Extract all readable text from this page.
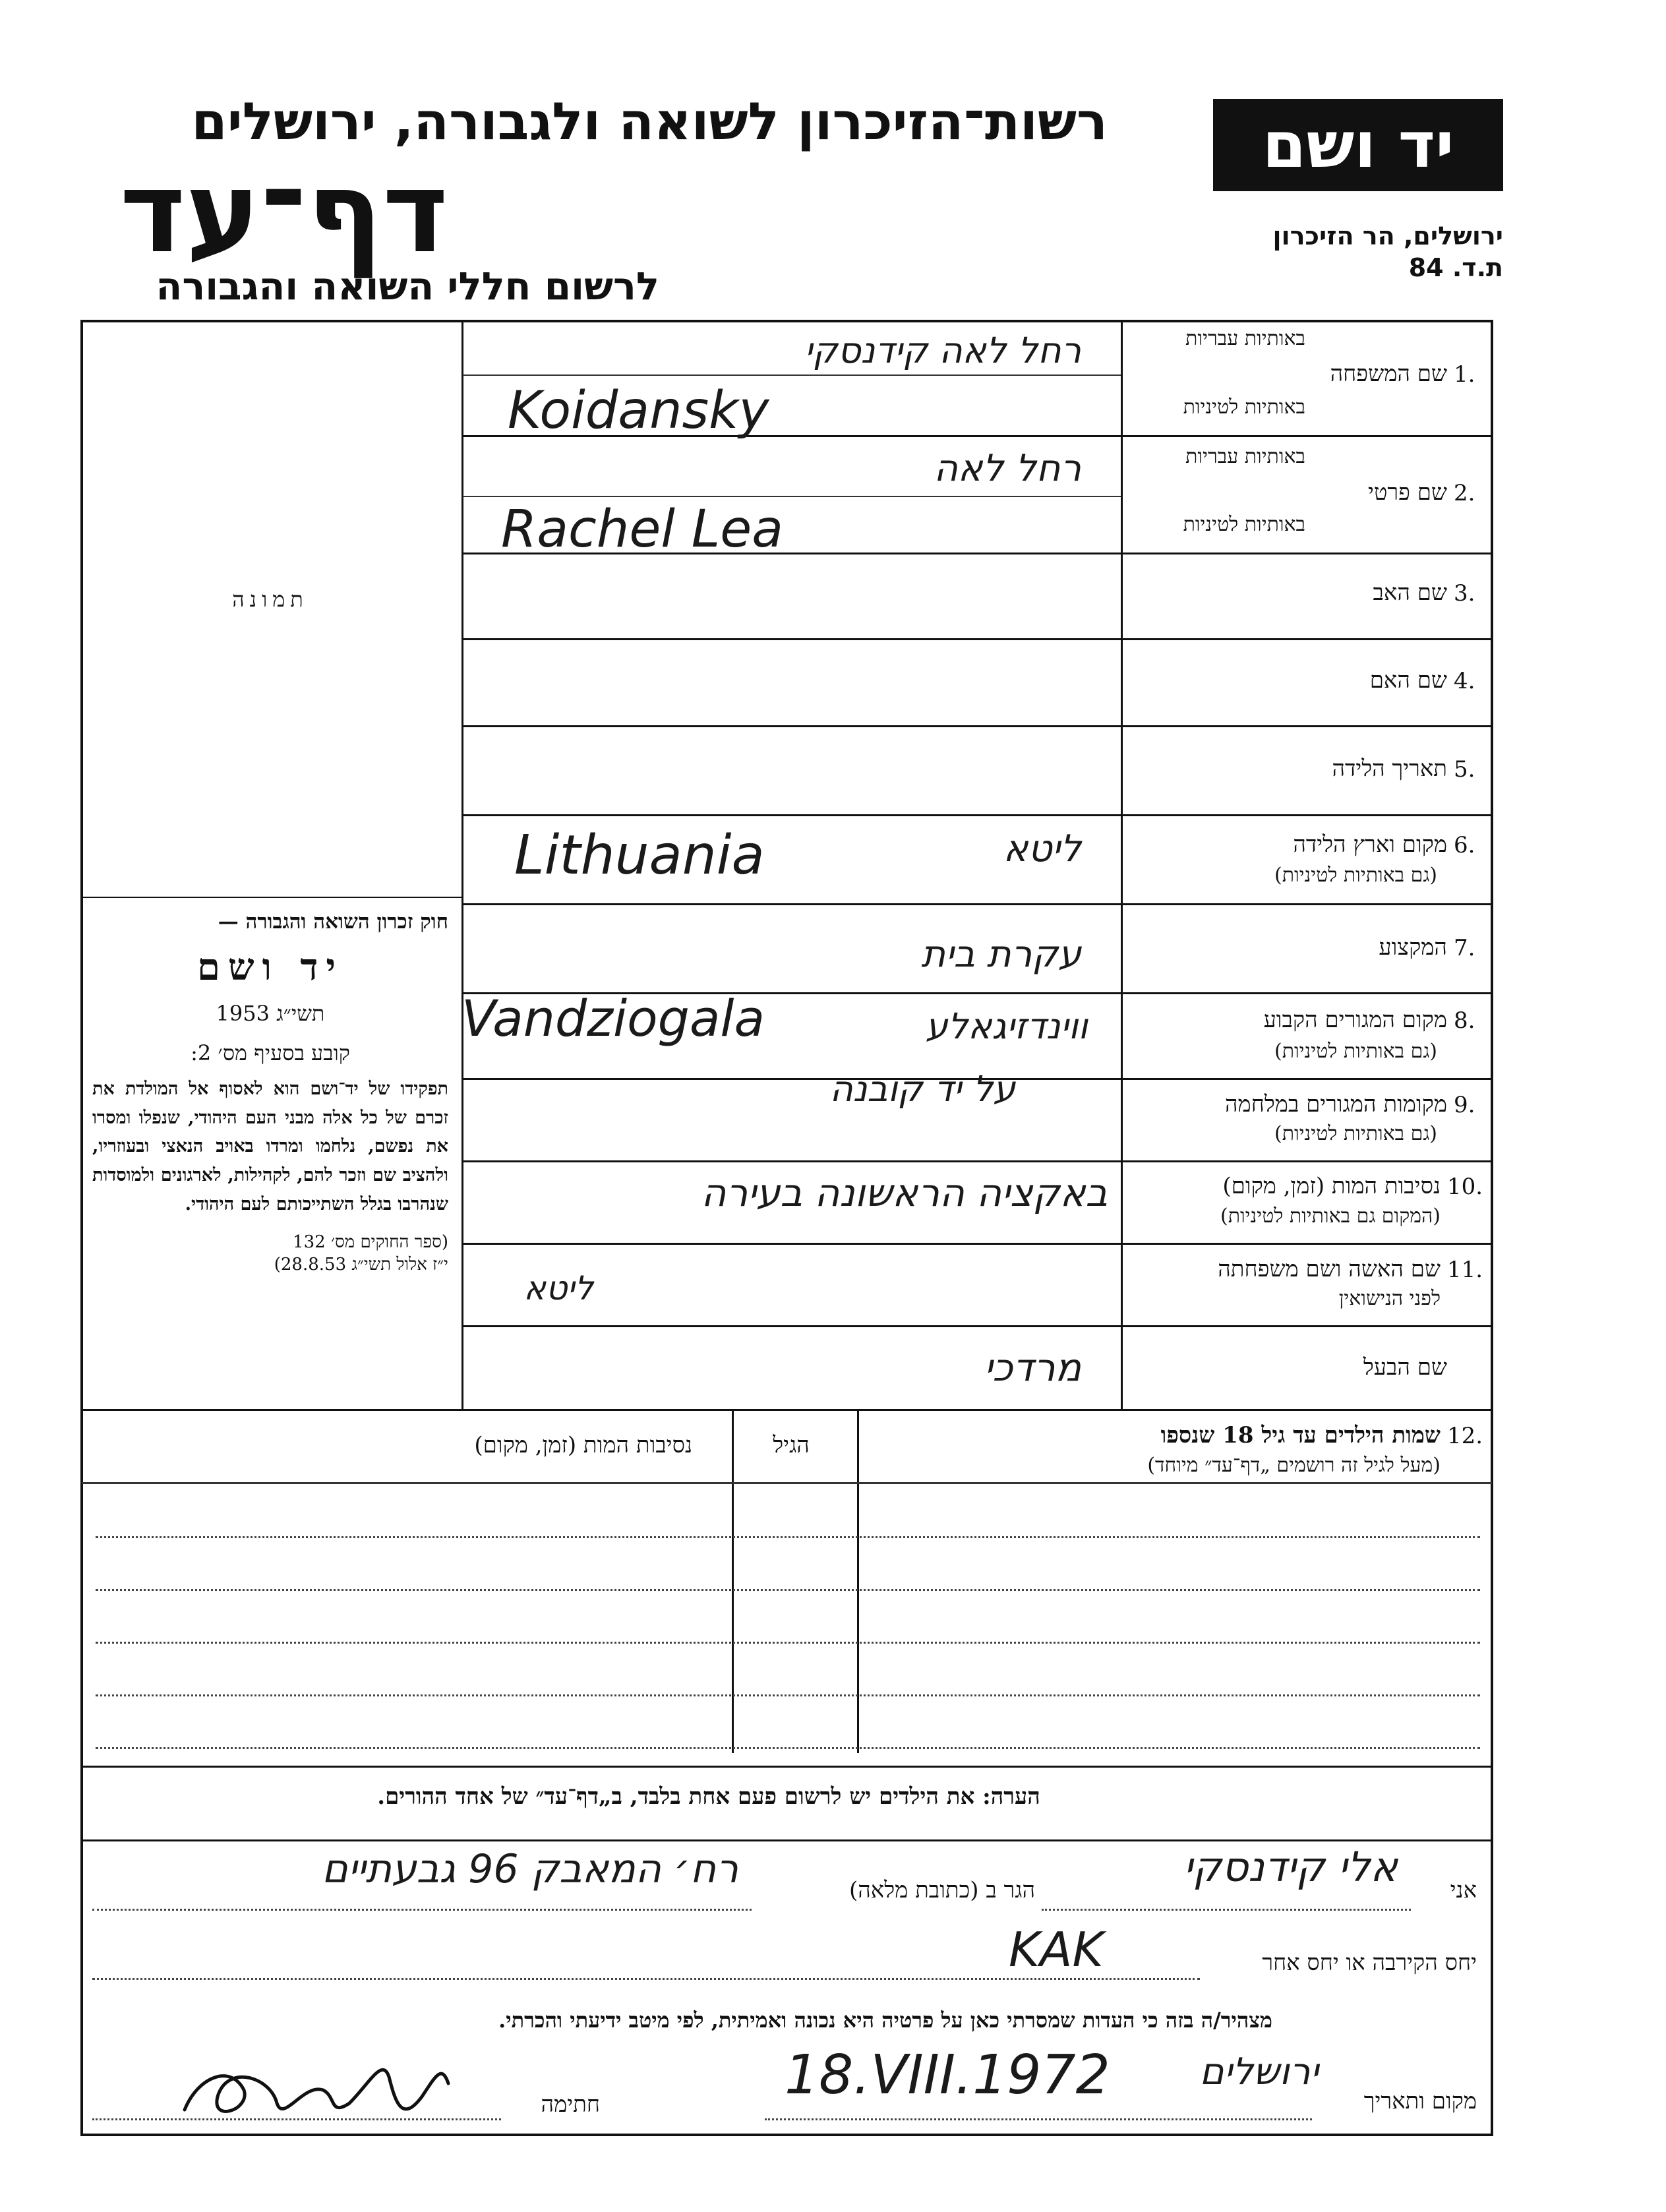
רשות־הזיכרון לשואה ולגבורה, ירושלים
דף־עד
לרשום חללי השואה והגבורה
יד ושם
ירושלים, הר הזיכרון
ת.ד. 84
תמונה
חוק זכרון השואה והגבורה —
יד ושם
תשי״ג 1953
קובע בסעיף מס׳ 2:
תפקידו של יד־ושם הוא לאסוף אל המולדת את זכרם של כל אלה מבני העם היהודי, שנפלו ומסרו את נפשם, נלחמו ומרדו באויב הנאצי ובעוזריו, ולהציב שם וזכר להם, לקהילות, לארגונים ולמוסדות שנהרבו בגלל השתייכותם לעם היהודי.
(ספר החוקים מס׳ 132
י״ז אלול תשי״ג 28.8.53)
באותיות עבריות
1.
שם המשפחה
באותיות לטיניות
באותיות עבריות
2.
שם פרטי
באותיות לטיניות
3.
שם האב
4.
שם האם
5.
תאריך הלידה
6.
מקום וארץ הלידה
(גם באותיות לטיניות)
7.
המקצוע
8.
מקום המגורים הקבוע
(גם באותיות לטיניות)
9.
מקומות המגורים במלחמה
(גם באותיות לטיניות)
10.
נסיבות המות (זמן, מקום)
(המקום גם באותיות לטיניות)
11.
שם האשה ושם משפחתה
לפני הנישואין
שם הבעל
רחל לאה קידנסקי
Koidansky
רחל לאה
Rachel Lea
Lithuania	ליטא
עקרת בית
Vandziogala	ווינדזיגאלע
על יד קובנה
באקציה הראשונה בעירה
ליטא
מרדכי
12.
שמות הילדים עד גיל 18 שנספו
(מעל לגיל זה רושמים „דף־עד״ מיוחד)
הגיל
נסיבות המות (זמן, מקום)
הערה: את הילדים יש לרשום פעם אחת בלבד, ב„דף־עד״ של אחד ההורים.
אני
אלי קידנסקי
הגר ב (כתובת מלאה)
רח׳ המאבק 96 גבעתיים
יחס הקירבה או יחס אחר
KAK
מצהיר/ה בזה כי העדות שמסרתי כאן על פרטיה היא נכונה ואמיתית, לפי מיטב ידיעתי והכרתי.
מקום ותאריך
ירושלים
18.VIII.1972
חתימה
